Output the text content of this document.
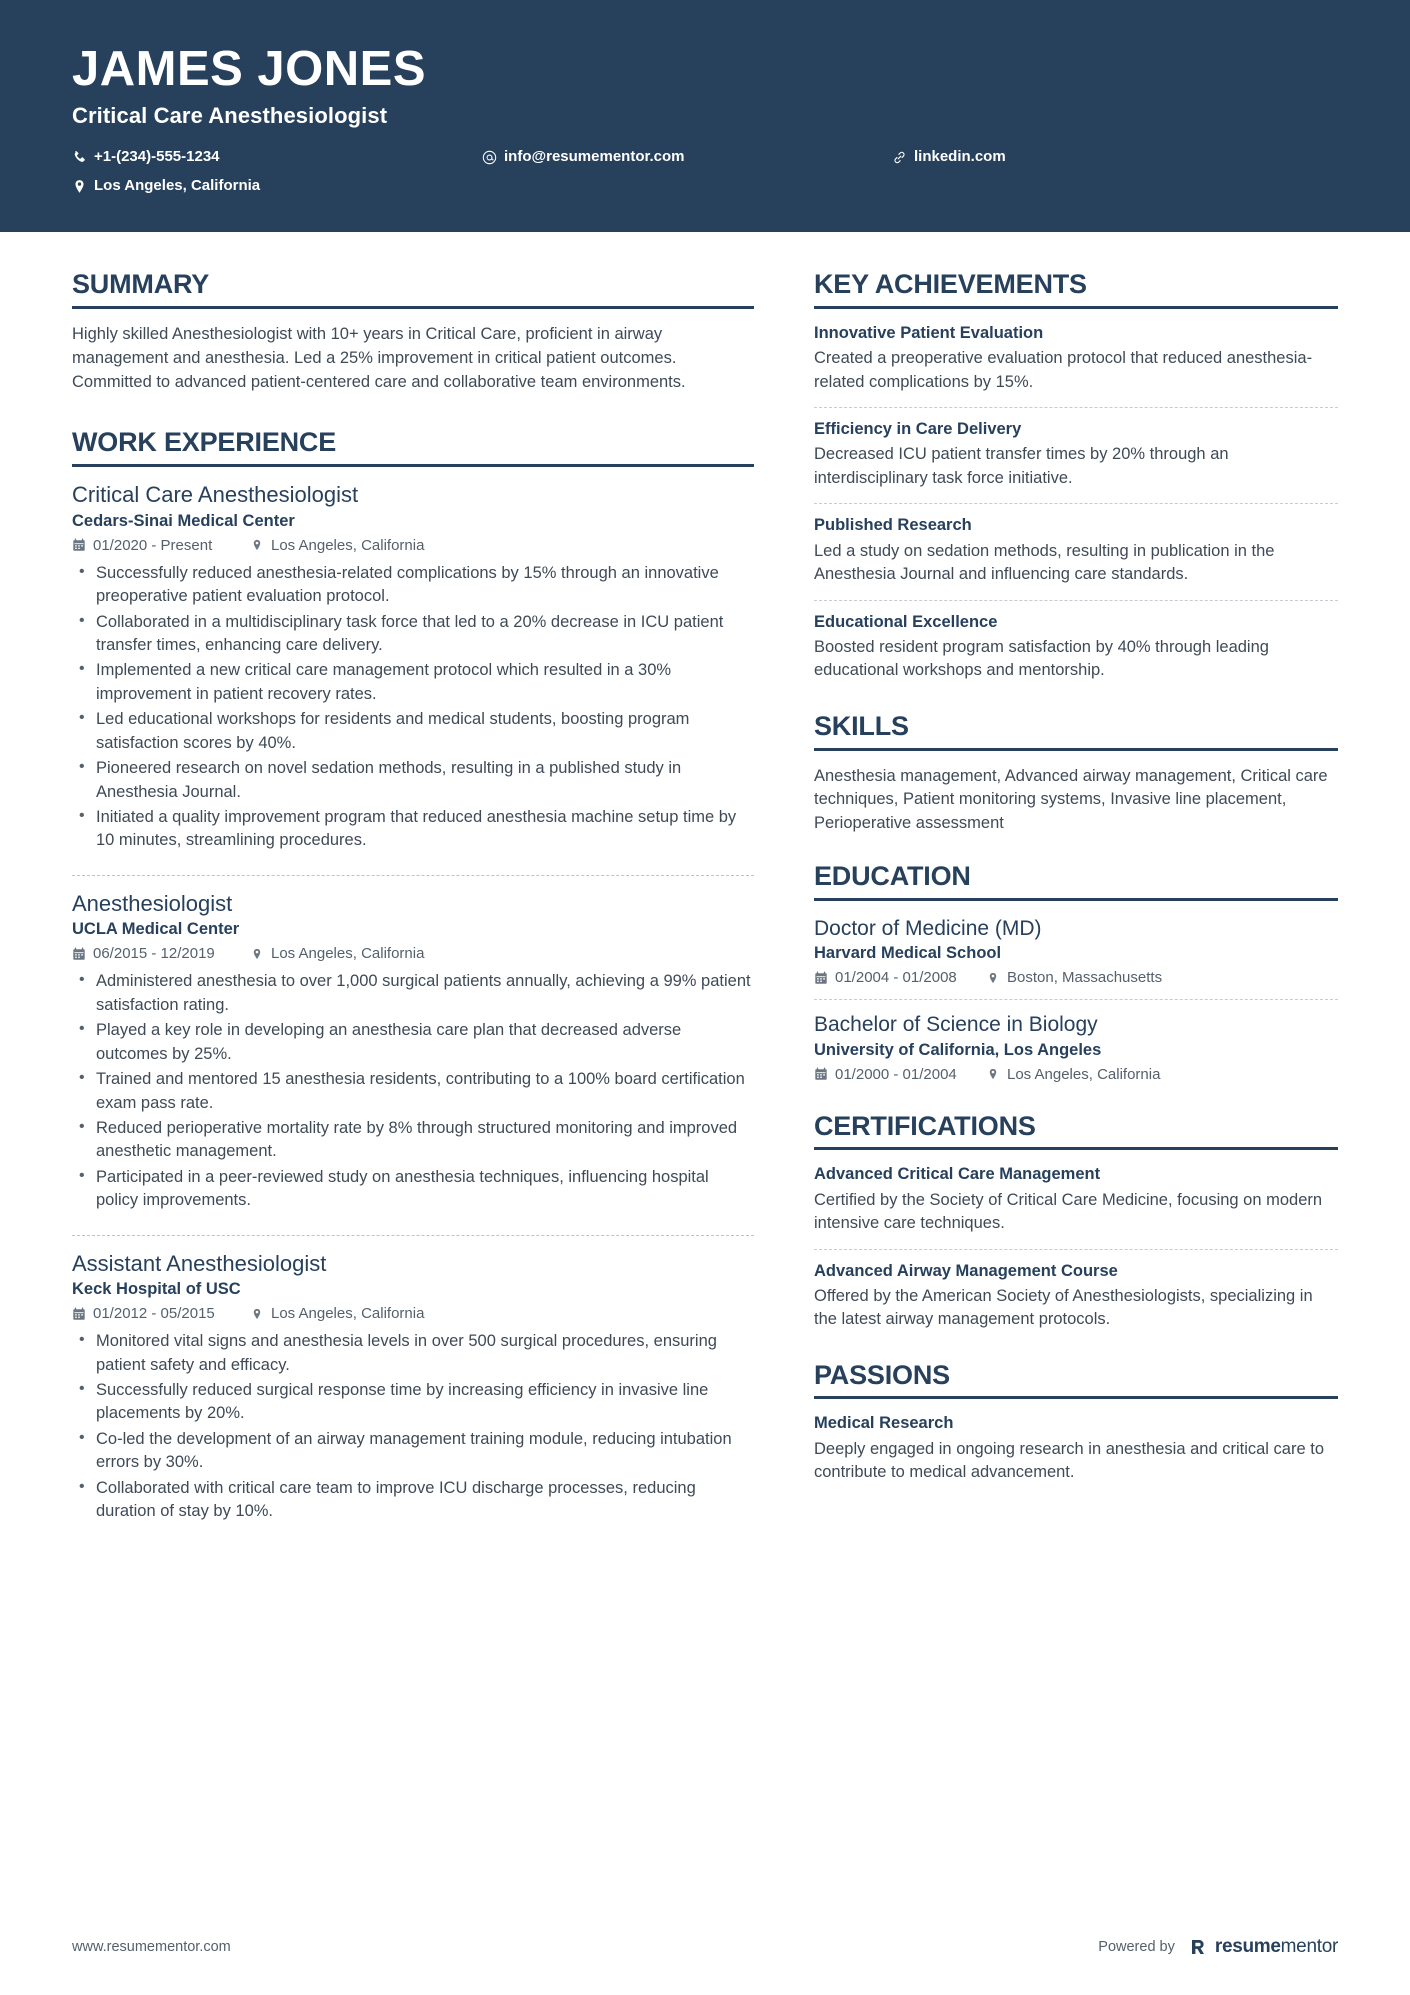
JAMES JONES
Critical Care Anesthesiologist
+1-(234)-555-1234	info@resumementor.com	linkedin.com
Los Angeles, California
SUMMARY
Highly skilled Anesthesiologist with 10+ years in Critical Care, proficient in airway management and anesthesia. Led a 25% improvement in critical patient outcomes. Committed to advanced patient-centered care and collaborative team environments.
WORK EXPERIENCE
Critical Care Anesthesiologist
Cedars-Sinai Medical Center
01/2020 - Present	Los Angeles, California
• Successfully reduced anesthesia-related complications by 15% through an innovative preoperative patient evaluation protocol.
• Collaborated in a multidisciplinary task force that led to a 20% decrease in ICU patient transfer times, enhancing care delivery.
• Implemented a new critical care management protocol which resulted in a 30% improvement in patient recovery rates.
• Led educational workshops for residents and medical students, boosting program satisfaction scores by 40%.
• Pioneered research on novel sedation methods, resulting in a published study in Anesthesia Journal.
• Initiated a quality improvement program that reduced anesthesia machine setup time by 10 minutes, streamlining procedures.
Anesthesiologist
UCLA Medical Center
06/2015 - 12/2019	Los Angeles, California
• Administered anesthesia to over 1,000 surgical patients annually, achieving a 99% patient satisfaction rating.
• Played a key role in developing an anesthesia care plan that decreased adverse outcomes by 25%.
• Trained and mentored 15 anesthesia residents, contributing to a 100% board certification exam pass rate.
• Reduced perioperative mortality rate by 8% through structured monitoring and improved anesthetic management.
• Participated in a peer-reviewed study on anesthesia techniques, influencing hospital policy improvements.
Assistant Anesthesiologist
Keck Hospital of USC
01/2012 - 05/2015	Los Angeles, California
• Monitored vital signs and anesthesia levels in over 500 surgical procedures, ensuring patient safety and efficacy.
• Successfully reduced surgical response time by increasing efficiency in invasive line placements by 20%.
• Co-led the development of an airway management training module, reducing intubation errors by 30%.
• Collaborated with critical care team to improve ICU discharge processes, reducing duration of stay by 10%.
KEY ACHIEVEMENTS
Innovative Patient Evaluation
Created a preoperative evaluation protocol that reduced anesthesia-related complications by 15%.
Efficiency in Care Delivery
Decreased ICU patient transfer times by 20% through an interdisciplinary task force initiative.
Published Research
Led a study on sedation methods, resulting in publication in the Anesthesia Journal and influencing care standards.
Educational Excellence
Boosted resident program satisfaction by 40% through leading educational workshops and mentorship.
SKILLS
Anesthesia management, Advanced airway management, Critical care techniques, Patient monitoring systems, Invasive line placement, Perioperative assessment
EDUCATION
Doctor of Medicine (MD)
Harvard Medical School
01/2004 - 01/2008	Boston, Massachusetts
Bachelor of Science in Biology
University of California, Los Angeles
01/2000 - 01/2004	Los Angeles, California
CERTIFICATIONS
Advanced Critical Care Management
Certified by the Society of Critical Care Medicine, focusing on modern intensive care techniques.
Advanced Airway Management Course
Offered by the American Society of Anesthesiologists, specializing in the latest airway management protocols.
PASSIONS
Medical Research
Deeply engaged in ongoing research in anesthesia and critical care to contribute to medical advancement.
www.resumementor.com	Powered by resumementor
